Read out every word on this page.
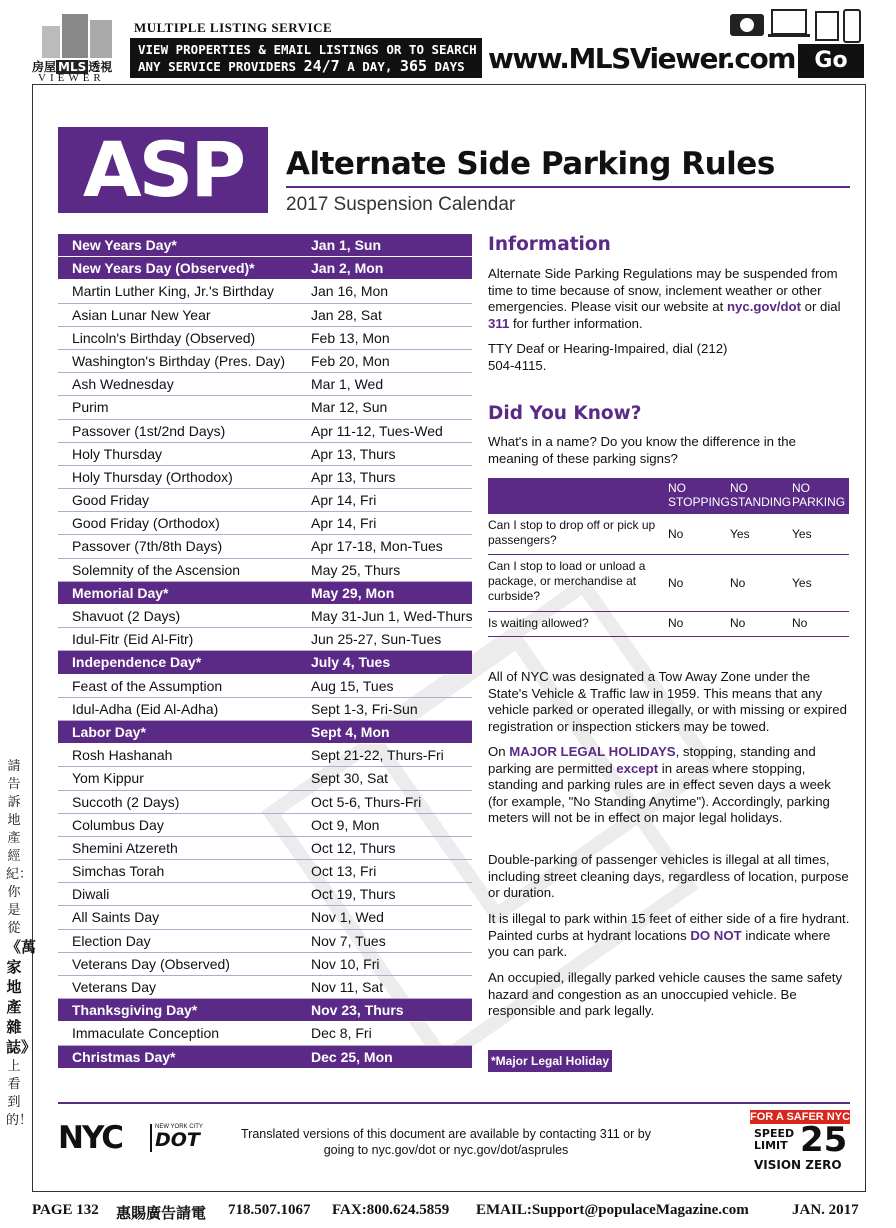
房屋 MLS 透視
VIEWER
MULTIPLE LISTING SERVICE
VIEW PROPERTIES & EMAIL LISTINGS OR TO SEARCH
ANY SERVICE PROVIDERS 24/7 A DAY, 365 DAYS www.MLSViewer.com Go
ASP	Alternate Side Parking Rules
2017 Suspension Calendar
New Years Day*	Jan 1, Sun
New Years Day (Observed)*	Jan 2, Mon
Martin Luther King, Jr.'s Birthday	Jan 16, Mon
Asian Lunar New Year	Jan 28, Sat
Lincoln's Birthday (Observed)	Feb 13, Mon
Washington's Birthday (Pres. Day) Feb 20, Mon
Ash Wednesday	Mar 1, Wed
Purim	Mar 12, Sun
Passover (1st/2nd Days)	Apr 11-12, Tues-Wed
Holy Thursday	Apr 13, Thurs
Holy Thursday (Orthodox)	Apr 13, Thurs
Good Friday	Apr 14, Fri
Good Friday (Orthodox)	Apr 14, Fri
Passover (7th/8th Days)	Apr 17-18, Mon-Tues
Solemnity of the Ascension	May 25, Thurs
Memorial Day*	May 29, Mon
Shavuot (2 Days)	May 31-Jun 1, Wed-Thurs
Idul-Fitr (Eid Al-Fitr)	Jun 25-27, Sun-Tues
Independence Day*	July 4, Tues
Feast of the Assumption	Aug 15, Tues
Idul-Adha (Eid Al-Adha)	Sept 1-3, Fri-Sun
Labor Day*	Sept 4, Mon
Rosh Hashanah	Sept 21-22, Thurs-Fri
Yom Kippur	Sept 30, Sat
Succoth (2 Days)	Oct 5-6, Thurs-Fri
Columbus Day	Oct 9, Mon
Shemini Atzereth	Oct 12, Thurs
Simchas Torah	Oct 13, Fri
Diwali	Oct 19, Thurs
All Saints Day	Nov 1, Wed
Election Day	Nov 7, Tues
Veterans Day (Observed)	Nov 10, Fri
Veterans Day	Nov 11, Sat
Thanksgiving Day*	Nov 23, Thurs
Immaculate Conception	Dec 8, Fri
Christmas Day*	Dec 25, Mon
Information
Alternate Side Parking Regulations may be suspended from time to time because of snow, inclement weather or other emergencies. Please visit our website at nyc.gov/dot or dial 311 for further information.
TTY Deaf or Hearing-Impaired, dial (212) 504-4115.
Did You Know?
What's in a name? Do you know the difference in the meaning of these parking signs?
NO STOPPING
NO STANDING
NO PARKING
Can I stop to drop off or pick up passengers?	No	Yes	Yes
Can I stop to load or unload a package, or merchandise at curbside?
No	No	Yes
Is waiting allowed?	No	No	No
All of NYC was designated a Tow Away Zone under the State's Vehicle & Traffic law in 1959. This means that any vehicle parked or operated illegally, or with missing or expired registration or inspection stickers may be towed.
On MAJOR LEGAL HOLIDAYS, stopping, standing and parking are permitted except in areas where stopping, standing and parking rules are in effect seven days a week (for example, "No Standing Anytime"). Accordingly, parking meters will not be in effect on major legal holidays.
Double-parking of passenger vehicles is illegal at all times, including street cleaning days, regardless of location, purpose or duration.
It is illegal to park within 15 feet of either side of a fire hydrant. Painted curbs at hydrant locations DO NOT indicate where you can park.
An occupied, illegally parked vehicle causes the same safety hazard and congestion as an unoccupied vehicle. Be responsible and park legally.
*Major Legal Holiday
NYC	NEW YORK CITY
DOT	Translated versions of this document are available by contacting 311 or by going to nyc.gov/dot or nyc.gov/dot/asprules
FOR A SAFER NYC
SPEED
LIMIT 25
VISION ZERO
請告訴地產經紀：你是從《萬家地產雜誌》上看到的！
PAGE 132 惠賜廣告請電 718.507.1067 FAX:800.624.5859 EMAIL:Support@populaceMagazine.com	JAN. 2017
